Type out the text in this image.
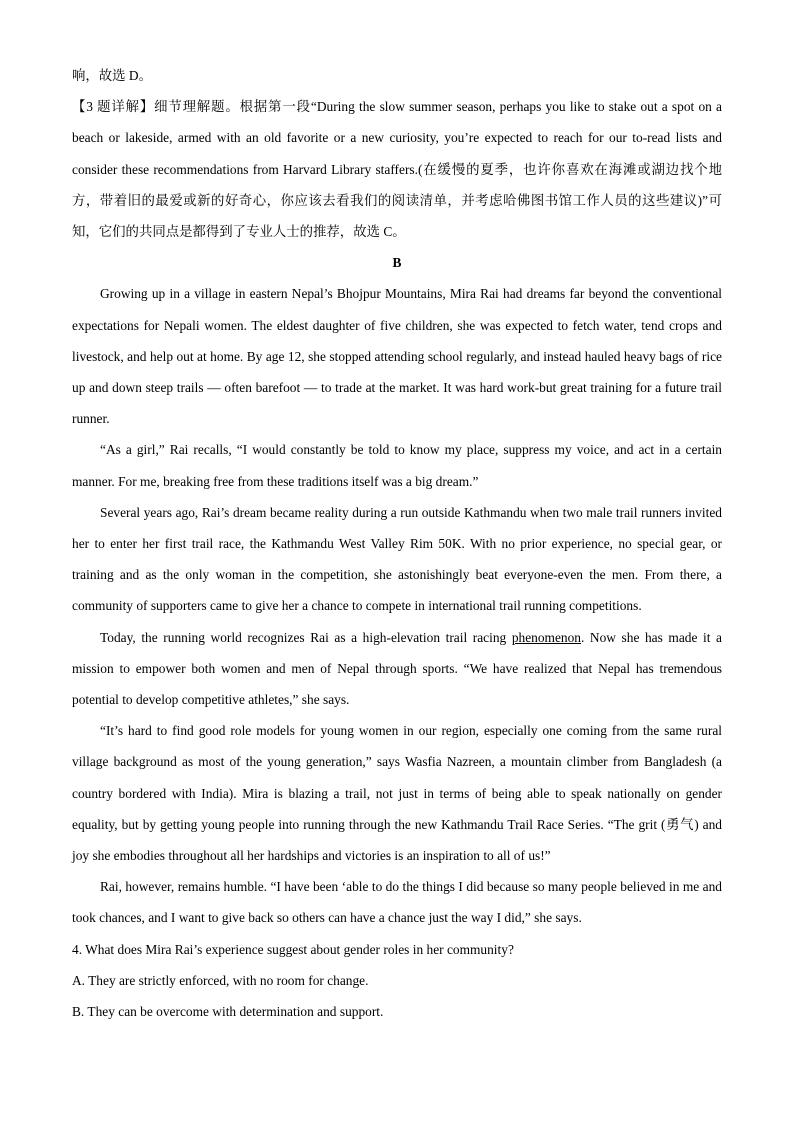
响，故选 D。

【3 题详解】细节理解题。根据第一段“During the slow summer season, perhaps you like to stake out a spot on a beach or lakeside, armed with an old favorite or a new curiosity, you’re expected to reach for our to-read lists and consider these recommendations from Harvard Library staffers.(在缓慢的夏季，也许你喜欢在海滩或湖边找个地方，带着旧的最爱或新的好奇心，你应该去看我们的阅读清单，并考虑哈佛图书馆工作人员的这些建议)”可知，它们的共同点是都得到了专业人士的推荐，故选 C。

B

Growing up in a village in eastern Nepal’s Bhojpur Mountains, Mira Rai had dreams far beyond the conventional expectations for Nepali women. The eldest daughter of five children, she was expected to fetch water, tend crops and livestock, and help out at home. By age 12, she stopped attending school regularly, and instead hauled heavy bags of rice up and down steep trails — often barefoot — to trade at the market. It was hard work-but great training for a future trail runner.

“As a girl,” Rai recalls, “I would constantly be told to know my place, suppress my voice, and act in a certain manner. For me, breaking free from these traditions itself was a big dream.”

Several years ago, Rai’s dream became reality during a run outside Kathmandu when two male trail runners invited her to enter her first trail race, the Kathmandu West Valley Rim 50K. With no prior experience, no special gear, or training and as the only woman in the competition, she astonishingly beat everyone-even the men. From there, a community of supporters came to give her a chance to compete in international trail running competitions.

Today, the running world recognizes Rai as a high-elevation trail racing phenomenon. Now she has made it a mission to empower both women and men of Nepal through sports. “We have realized that Nepal has tremendous potential to develop competitive athletes,” she says.

“It’s hard to find good role models for young women in our region, especially one coming from the same rural village background as most of the young generation,” says Wasfia Nazreen, a mountain climber from Bangladesh (a country bordered with India). Mira is blazing a trail, not just in terms of being able to speak nationally on gender equality, but by getting young people into running through the new Kathmandu Trail Race Series. “The grit (勇气) and joy she embodies throughout all her hardships and victories is an inspiration to all of us!”

Rai, however, remains humble. “I have been ‘able to do the things I did because so many people believed in me and took chances, and I want to give back so others can have a chance just the way I did,” she says.

4. What does Mira Rai’s experience suggest about gender roles in her community?

A. They are strictly enforced, with no room for change.

B. They can be overcome with determination and support.
